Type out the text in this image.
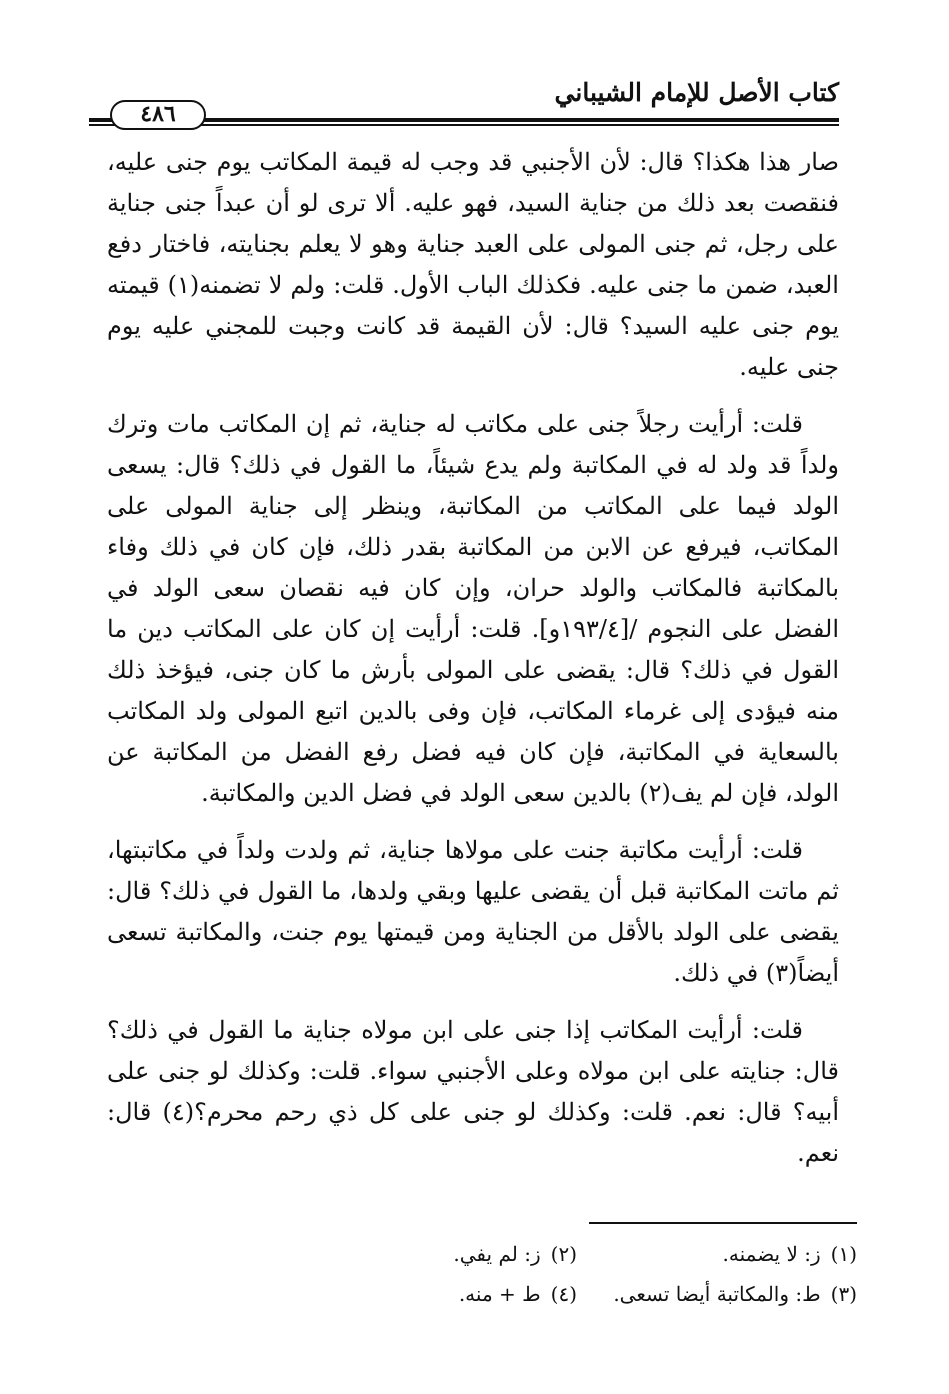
كتاب الأصل للإمام الشيباني
٤٨٦

صار هذا هكذا؟ قال: لأن الأجنبي قد وجب له قيمة المكاتب يوم جنى عليه، فنقصت بعد ذلك من جناية السيد، فهو عليه. ألا ترى لو أن عبداً جنى جناية على رجل، ثم جنى المولى على العبد جناية وهو لا يعلم بجنايته، فاختار دفع العبد، ضمن ما جنى عليه. فكذلك الباب الأول. قلت: ولم لا تضمنه(١) قيمته يوم جنى عليه السيد؟ قال: لأن القيمة قد كانت وجبت للمجني عليه يوم جنى عليه.

قلت: أرأيت رجلاً جنى على مكاتب له جناية، ثم إن المكاتب مات وترك ولداً قد ولد له في المكاتبة ولم يدع شيئاً، ما القول في ذلك؟ قال: يسعى الولد فيما على المكاتب من المكاتبة، وينظر إلى جناية المولى على المكاتب، فيرفع عن الابن من المكاتبة بقدر ذلك، فإن كان في ذلك وفاء بالمكاتبة فالمكاتب والولد حران، وإن كان فيه نقصان سعى الولد في الفضل على النجوم /[١٩٣/٤و]. قلت: أرأيت إن كان على المكاتب دين ما القول في ذلك؟ قال: يقضى على المولى بأرش ما كان جنى، فيؤخذ ذلك منه فيؤدى إلى غرماء المكاتب، فإن وفى بالدين اتبع المولى ولد المكاتب بالسعاية في المكاتبة، فإن كان فيه فضل رفع الفضل من المكاتبة عن الولد، فإن لم يف(٢) بالدين سعى الولد في فضل الدين والمكاتبة.

قلت: أرأيت مكاتبة جنت على مولاها جناية، ثم ولدت ولداً في مكاتبتها، ثم ماتت المكاتبة قبل أن يقضى عليها وبقي ولدها، ما القول في ذلك؟ قال: يقضى على الولد بالأقل من الجناية ومن قيمتها يوم جنت، والمكاتبة تسعى أيضاً(٣) في ذلك.

قلت: أرأيت المكاتب إذا جنى على ابن مولاه جناية ما القول في ذلك؟ قال: جنايته على ابن مولاه وعلى الأجنبي سواء. قلت: وكذلك لو جنى على أبيه؟ قال: نعم. قلت: وكذلك لو جنى على كل ذي رحم محرم؟(٤) قال: نعم.

(١)ز: لا يضمنه.
(٢)ز: لم يفي.
(٣)ط: والمكاتبة أيضا تسعى.
(٤)ط + منه.
